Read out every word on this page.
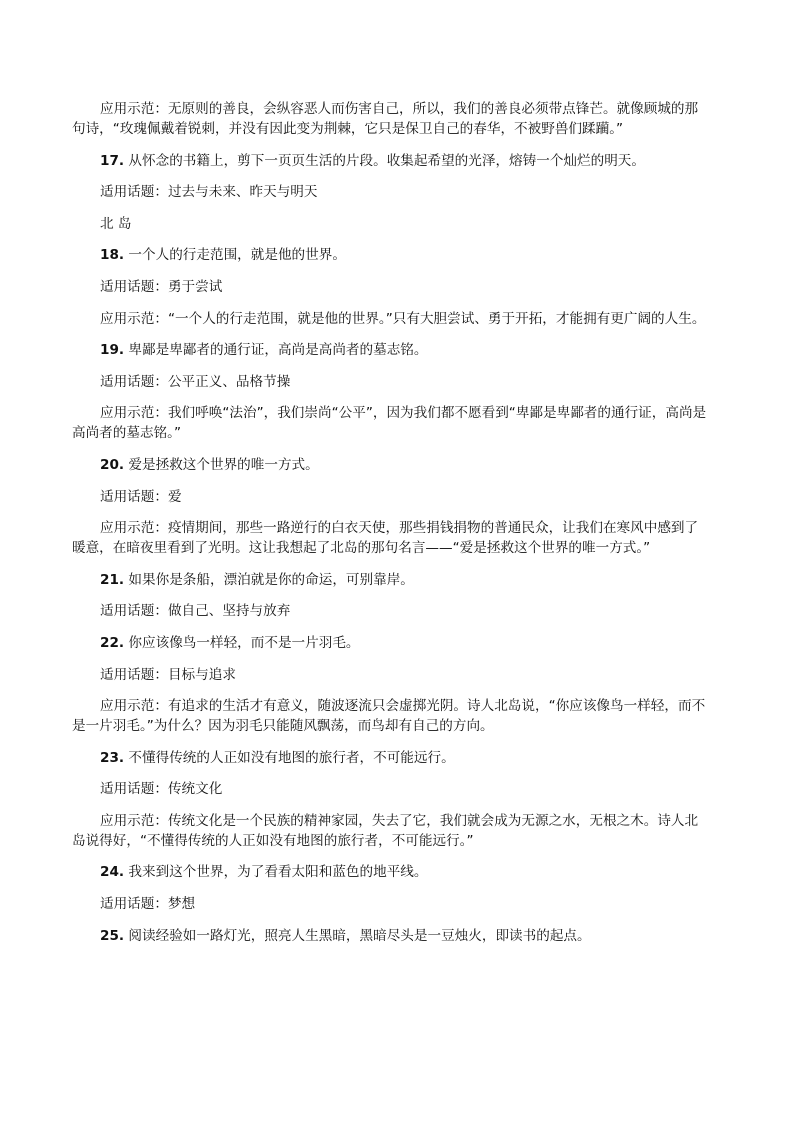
应用示范：无原则的善良，会纵容恶人而伤害自己，所以，我们的善良必须带点锋芒。就像顾城的那
句诗，“玫瑰佩戴着锐刺，并没有因此变为荆棘，它只是保卫自己的春华，不被野兽们蹂躏。”
17. 从怀念的书籍上，剪下一页页生活的片段。收集起希望的光泽，熔铸一个灿烂的明天。
适用话题：过去与未来、昨天与明天
北 岛
18. 一个人的行走范围，就是他的世界。
适用话题：勇于尝试
应用示范：“一个人的行走范围，就是他的世界。”只有大胆尝试、勇于开拓，才能拥有更广阔的人生。
19. 卑鄙是卑鄙者的通行证，高尚是高尚者的墓志铭。
适用话题：公平正义、品格节操
应用示范：我们呼唤“法治”，我们崇尚“公平”，因为我们都不愿看到“卑鄙是卑鄙者的通行证，高尚是
高尚者的墓志铭。”
20. 爱是拯救这个世界的唯一方式。
适用话题：爱
应用示范：疫情期间，那些一路逆行的白衣天使，那些捐钱捐物的普通民众，让我们在寒风中感到了
暖意，在暗夜里看到了光明。这让我想起了北岛的那句名言——“爱是拯救这个世界的唯一方式。”
21. 如果你是条船，漂泊就是你的命运，可别靠岸。
适用话题：做自己、坚持与放弃
22. 你应该像鸟一样轻，而不是一片羽毛。
适用话题：目标与追求
应用示范：有追求的生活才有意义，随波逐流只会虚掷光阴。诗人北岛说，“你应该像鸟一样轻，而不
是一片羽毛。”为什么？因为羽毛只能随风飘荡，而鸟却有自己的方向。
23. 不懂得传统的人正如没有地图的旅行者，不可能远行。
适用话题：传统文化
应用示范：传统文化是一个民族的精神家园，失去了它，我们就会成为无源之水，无根之木。诗人北
岛说得好，“不懂得传统的人正如没有地图的旅行者，不可能远行。”
24. 我来到这个世界，为了看看太阳和蓝色的地平线。
适用话题：梦想
25. 阅读经验如一路灯光，照亮人生黑暗，黑暗尽头是一豆烛火，即读书的起点。
